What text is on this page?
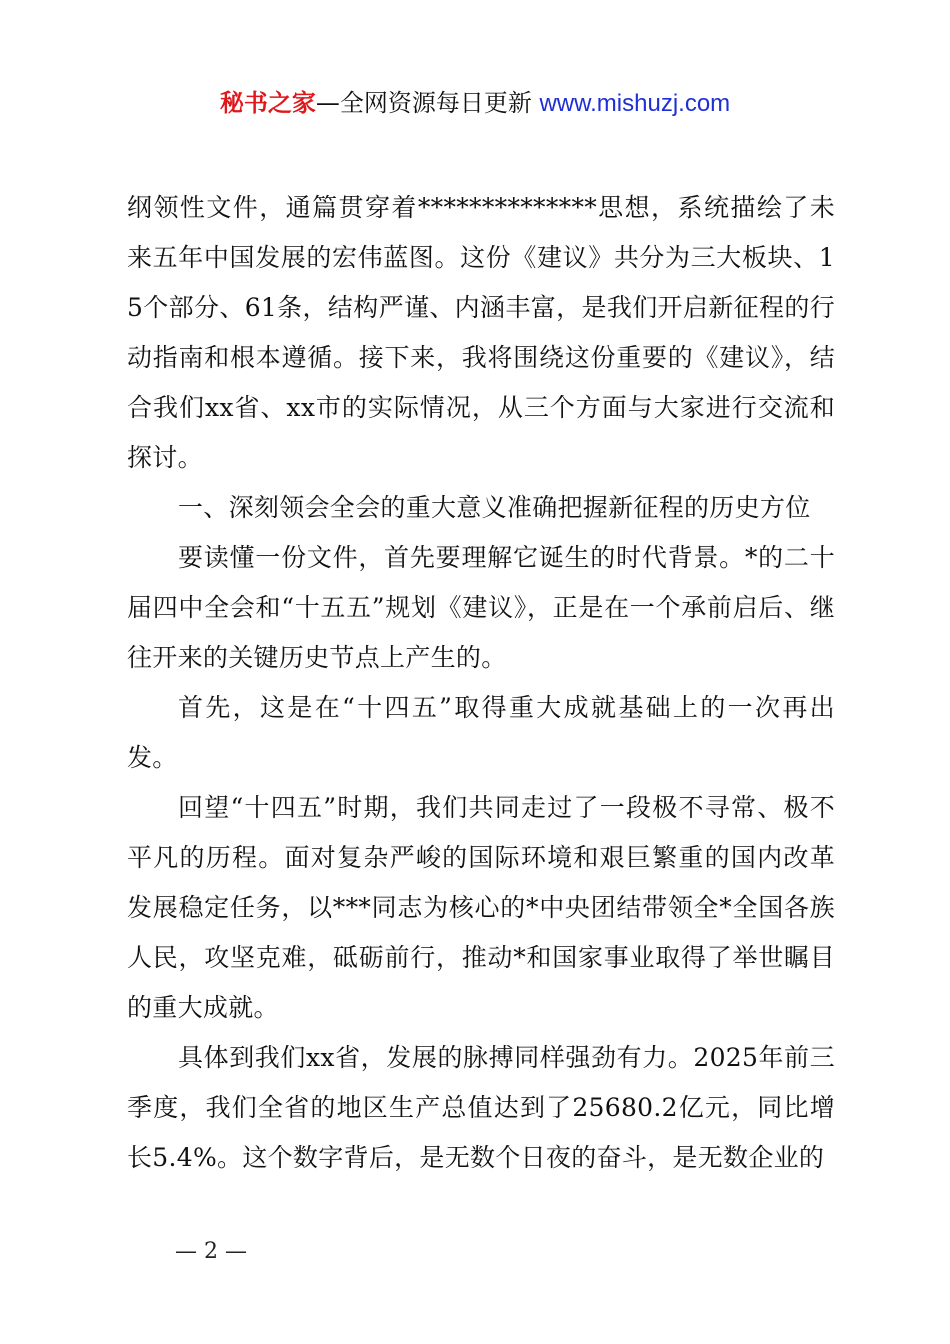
秘书之家—全网资源每日更新 www.mishuzj.com

纲领性文件，通篇贯穿着**************思想，系统描绘了未来五年中国发展的宏伟蓝图。这份《建议》共分为三大板块、15个部分、61条，结构严谨、内涵丰富，是我们开启新征程的行动指南和根本遵循。接下来，我将围绕这份重要的《建议》，结合我们xx省、xx市的实际情况，从三个方面与大家进行交流和探讨。

一、深刻领会全会的重大意义准确把握新征程的历史方位

要读懂一份文件，首先要理解它诞生的时代背景。*的二十届四中全会和“十五五”规划《建议》，正是在一个承前启后、继往开来的关键历史节点上产生的。

首先，这是在“十四五”取得重大成就基础上的一次再出发。

回望“十四五”时期，我们共同走过了一段极不寻常、极不平凡的历程。面对复杂严峻的国际环境和艰巨繁重的国内改革发展稳定任务，以***同志为核心的*中央团结带领全*全国各族人民，攻坚克难，砥砺前行，推动*和国家事业取得了举世瞩目的重大成就。

具体到我们xx省，发展的脉搏同样强劲有力。2025年前三季度，我们全省的地区生产总值达到了25680.2亿元，同比增长5.4%。这个数字背后，是无数个日夜的奋斗，是无数企业的

— 2 —
